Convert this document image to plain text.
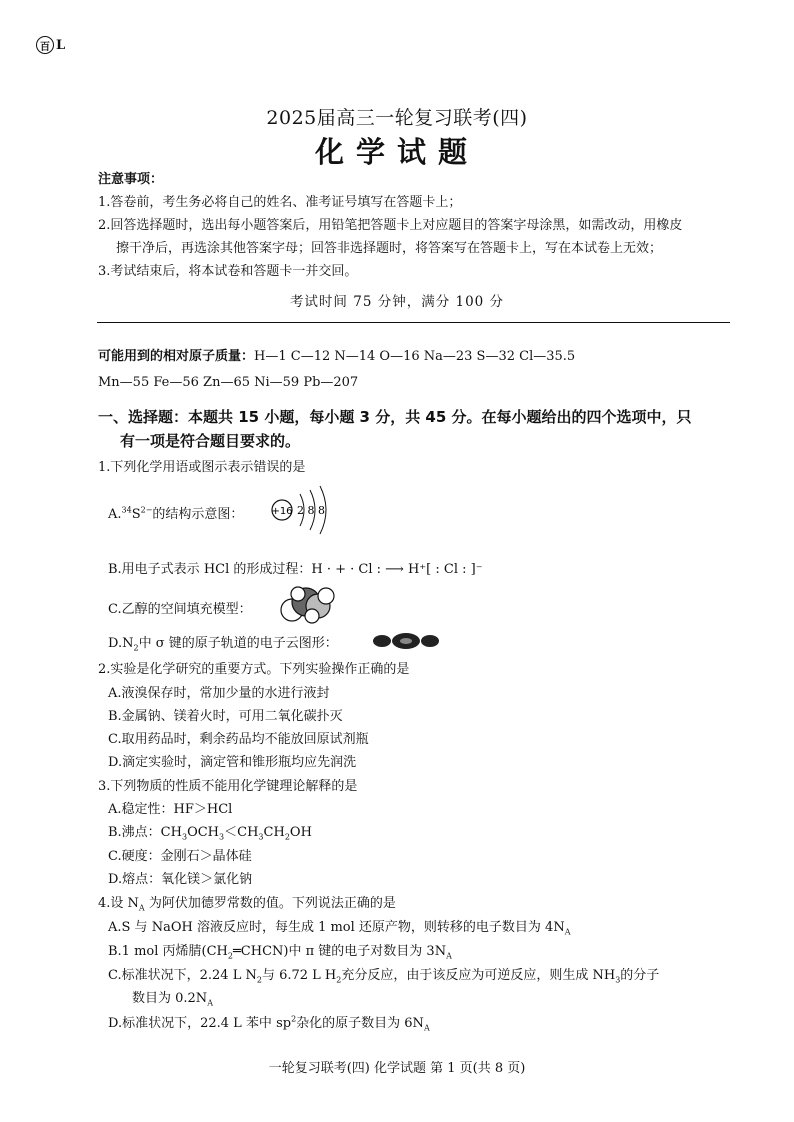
百 L
2025届高三一轮复习联考(四)
化学试题
注意事项：
1.答卷前，考生务必将自己的姓名、准考证号填写在答题卡上；
2.回答选择题时，选出每小题答案后，用铅笔把答题卡上对应题目的答案字母涂黑，如需改动，用橡皮
擦干净后，再选涂其他答案字母；回答非选择题时，将答案写在答题卡上，写在本试卷上无效；
3.考试结束后，将本试卷和答题卡一并交回。
考试时间 75 分钟，满分 100 分
可能用到的相对原子质量：H—1 C—12 N—14 O—16 Na—23 S—32 Cl—35.5
Mn—55 Fe—56 Zn—65 Ni—59 Pb—207
一、选择题：本题共 15 小题，每小题 3 分，共 45 分。在每小题给出的四个选项中，只
有一项是符合题目要求的。
1.下列化学用语或图示表示错误的是
$A.^{34}S^{2-}$的结构示意图：	+16 2 8 8
B.用电子式表示 HCl 的形成过程：H · + · Cl : ⟶ H⁺[ : Cl : ]⁻
C.乙醇的空间填充模型：
$D.N_2$中 σ 键的原子轨道的电子云图形：
2.实验是化学研究的重要方式。下列实验操作正确的是
A.液溴保存时，常加少量的水进行液封
B.金属钠、镁着火时，可用二氧化碳扑灭
C.取用药品时，剩余药品均不能放回原试剂瓶
D.滴定实验时，滴定管和锥形瓶均应先润洗
3.下列物质的性质不能用化学键理论解释的是
A.稳定性：HF＞HCl
B.沸点：$CH_3OCH_3<CH_3CH_2OH$
C.硬度：金刚石＞晶体硅
D.熔点：氧化镁＞氯化钠
4.设 $N_A$ 为阿伏加德罗常数的值。下列说法正确的是
A.S 与 NaOH 溶液反应时，每生成 1 mol 还原产物，则转移的电子数目为 $4N_A$
B.1 mol 丙烯腈$(CH_2═CHCN)$中 π 键的电子对数目为 $3N_A$
C.标准状况下，2.24 L $N_2$与 6.72 L $H_2$充分反应，由于该反应为可逆反应，则生成 $NH_3$的分子
数目为 $0.2N_A$
D.标准状况下，22.4 L 苯中 $sp^2$杂化的原子数目为 $6N_A$
一轮复习联考(四) 化学试题 第 1 页(共 8 页)
